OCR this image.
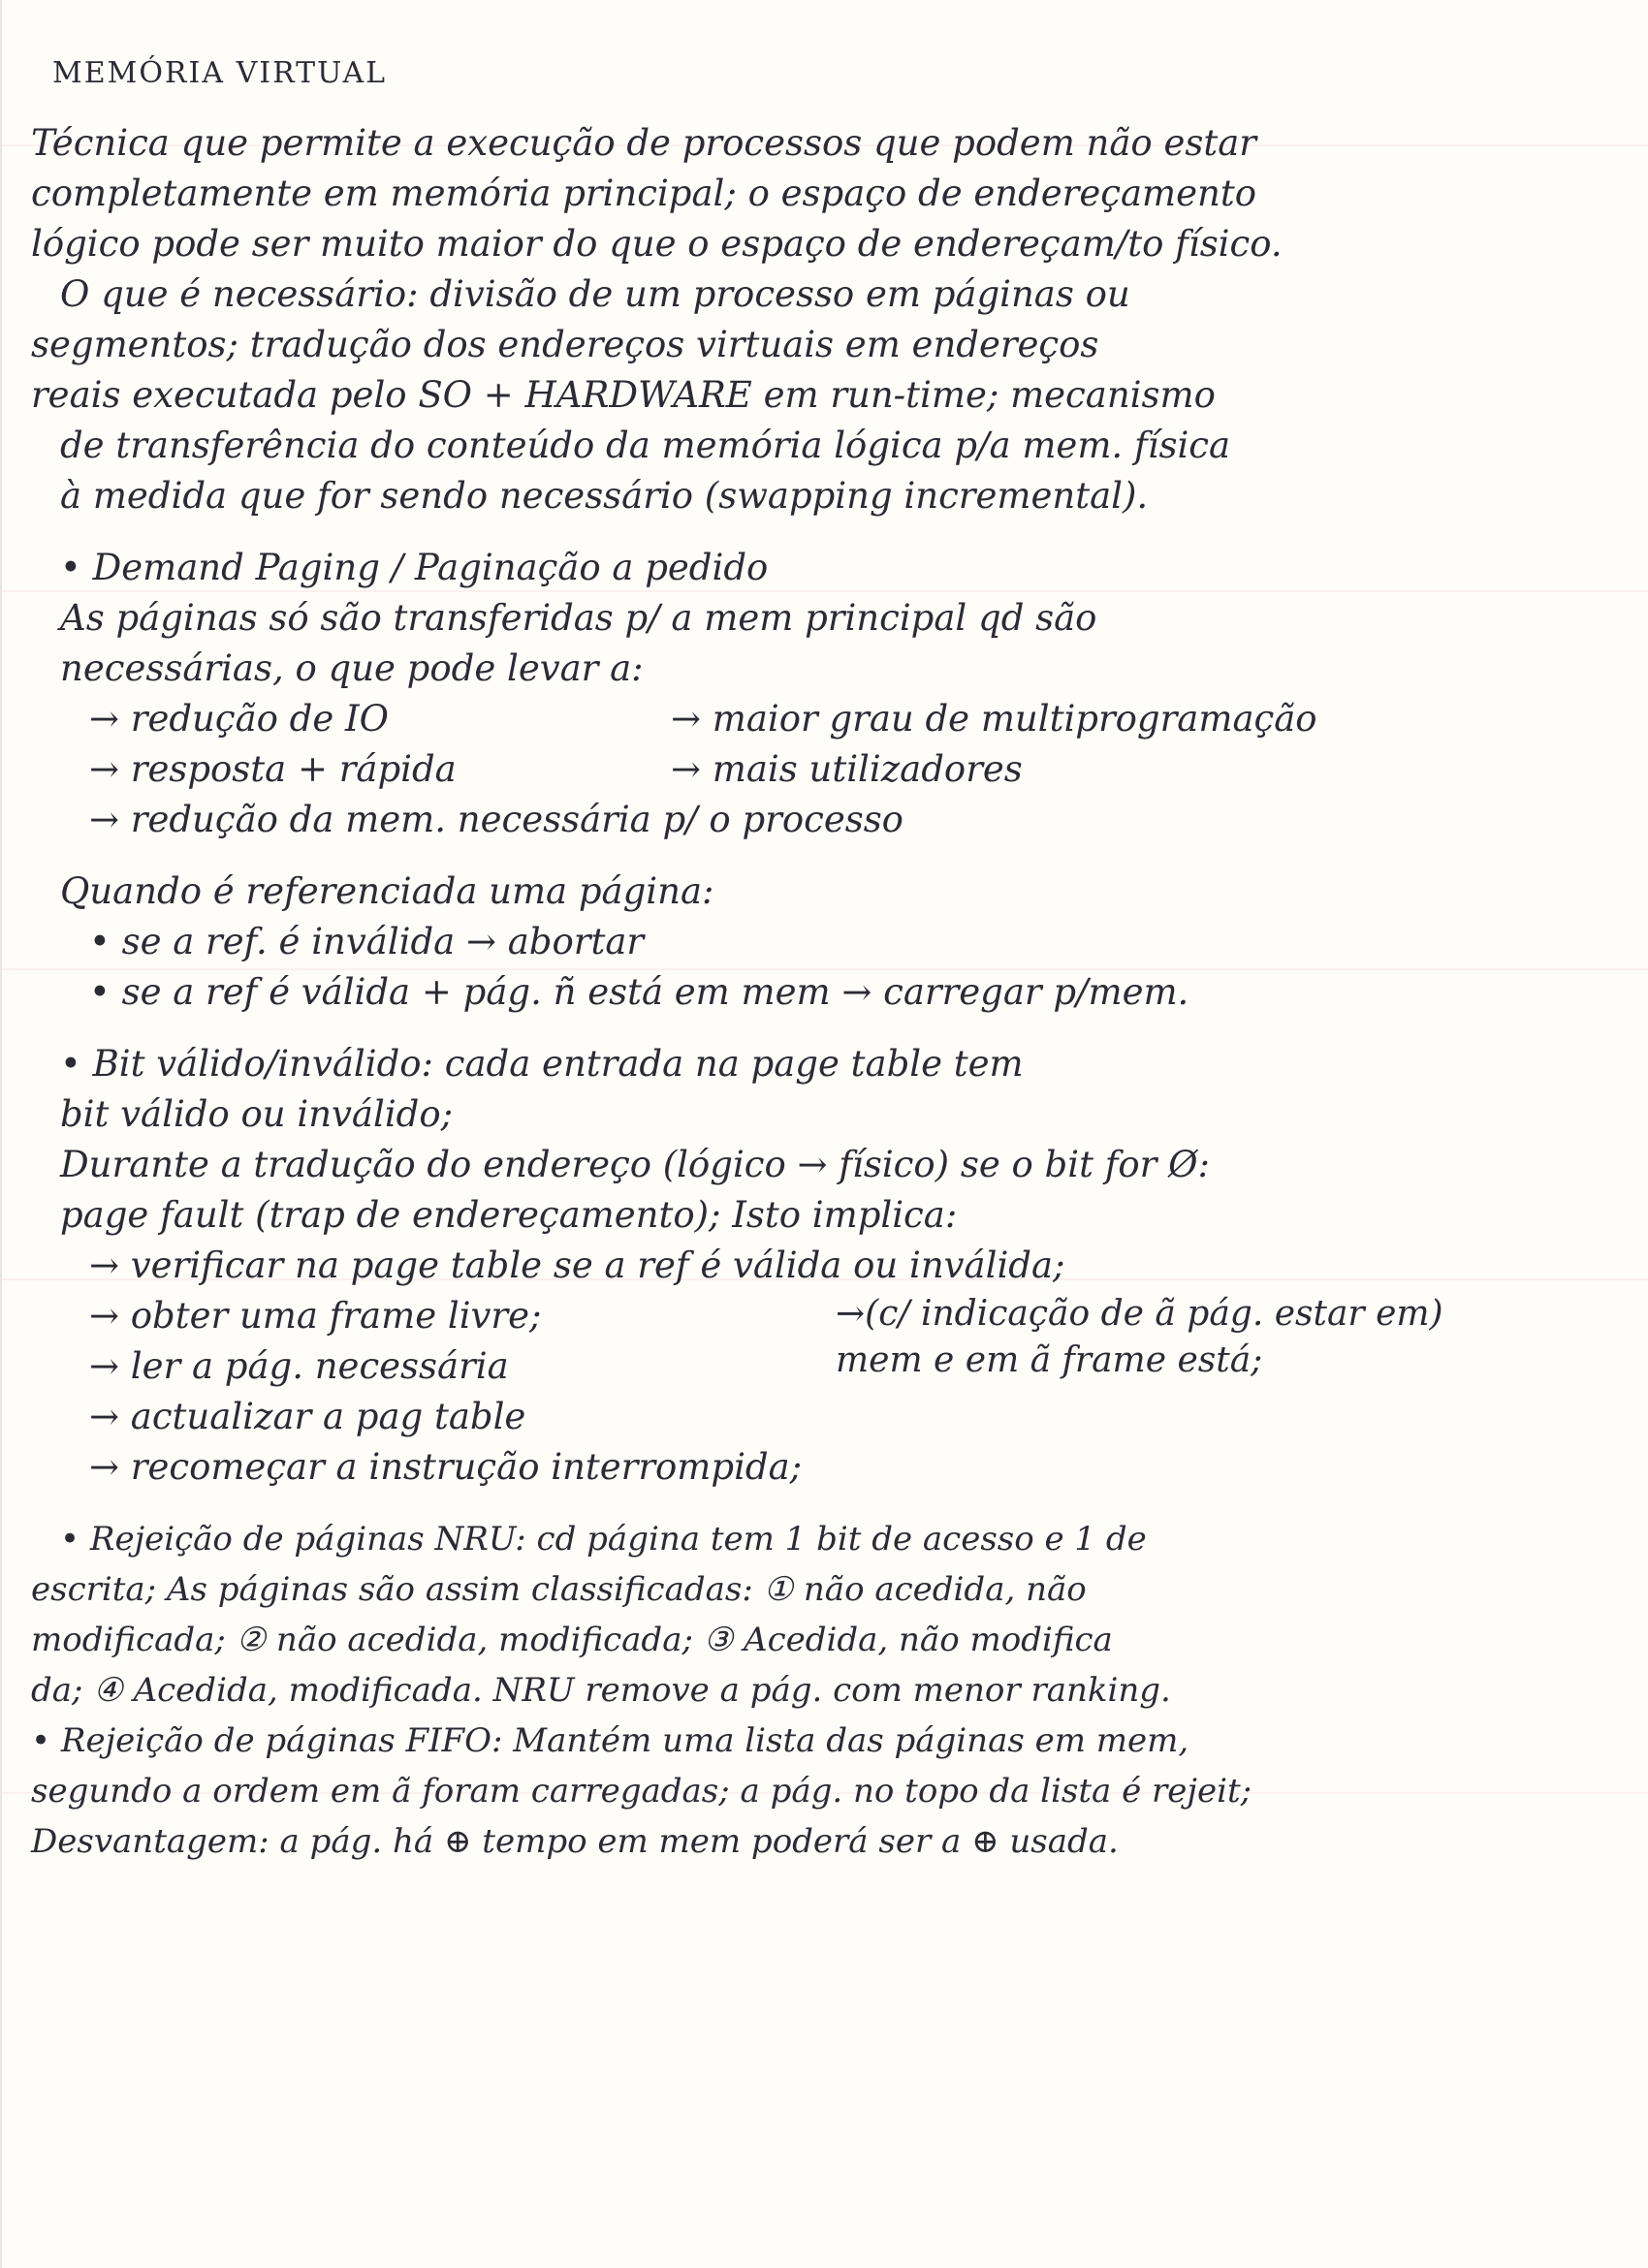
MEMÓRIA VIRTUAL
Técnica que permite a execução de processos que podem não estar
completamente em memória principal; o espaço de endereçamento
lógico pode ser muito maior do que o espaço de endereçam/to físico.
O que é necessário: divisão de um processo em páginas ou
segmentos; tradução dos endereços virtuais em endereços
reais executada pelo SO + HARDWARE em run-time; mecanismo
de transferência do conteúdo da memória lógica p/a mem. física
à medida que for sendo necessário (swapping incremental).
• Demand Paging / Paginação a pedido
As páginas só são transferidas p/ a mem principal qd são
necessárias, o que pode levar a:
→ redução de IO	→ maior grau de multiprogramação
→ resposta + rápida	→ mais utilizadores
→ redução da mem. necessária p/ o processo
Quando é referenciada uma página:
• se a ref. é inválida → abortar
• se a ref é válida + pág. ñ está em mem → carregar p/mem.
• Bit válido/inválido: cada entrada na page table tem
bit válido ou inválido;
Durante a tradução do endereço (lógico → físico) se o bit for Ø:
page fault (trap de endereçamento); Isto implica:
→ verificar na page table se a ref é válida ou inválida;
→ obter uma frame livre;
→ ler a pág. necessária
→ actualizar a pag table
→ recomeçar a instrução interrompida;
→(c/ indicação de ã pág. estar em)
mem e em ã frame está;
• Rejeição de páginas NRU: cd página tem 1 bit de acesso e 1 de
escrita; As páginas são assim classificadas: ① não acedida, não
modificada; ② não acedida, modificada; ③ Acedida, não modifica
da; ④ Acedida, modificada. NRU remove a pág. com menor ranking.
• Rejeição de páginas FIFO: Mantém uma lista das páginas em mem,
segundo a ordem em ã foram carregadas; a pág. no topo da lista é rejeit;
Desvantagem: a pág. há ⊕ tempo em mem poderá ser a ⊕ usada.
